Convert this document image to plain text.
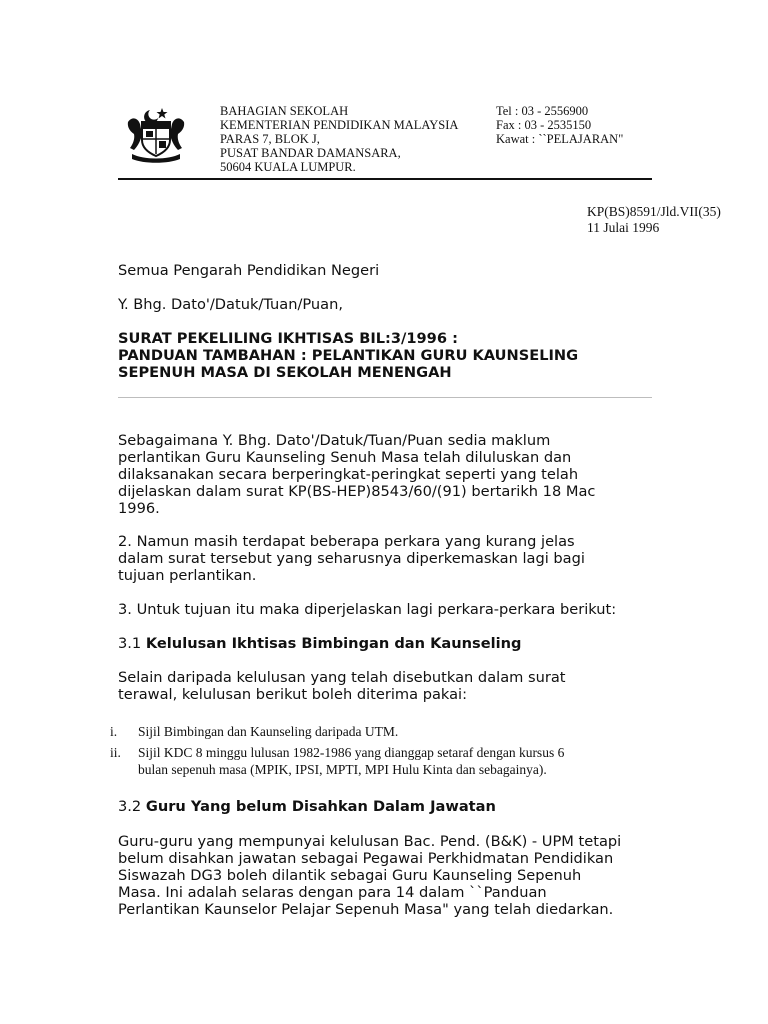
BAHAGIAN SEKOLAH
KEMENTERIAN PENDIDIKAN MALAYSIA
PARAS 7, BLOK J,
PUSAT BANDAR DAMANSARA,
50604 KUALA LUMPUR.
Tel : 03 - 2556900
Fax : 03 - 2535150
Kawat : ``PELAJARAN"
KP(BS)8591/Jld.VII(35)
11 Julai 1996
Semua Pengarah Pendidikan Negeri
Y. Bhg. Dato'/Datuk/Tuan/Puan,
SURAT PEKELILING IKHTISAS BIL:3/1996 :
PANDUAN TAMBAHAN : PELANTIKAN GURU KAUNSELING
SEPENUH MASA DI SEKOLAH MENENGAH
Sebagaimana Y. Bhg. Dato'/Datuk/Tuan/Puan sedia maklum
perlantikan Guru Kaunseling Senuh Masa telah diluluskan dan
dilaksanakan secara berperingkat-peringkat seperti yang telah
dijelaskan dalam surat KP(BS-HEP)8543/60/(91) bertarikh 18 Mac
1996.
2. Namun masih terdapat beberapa perkara yang kurang jelas
dalam surat tersebut yang seharusnya diperkemaskan lagi bagi
tujuan perlantikan.
3. Untuk tujuan itu maka diperjelaskan lagi perkara-perkara berikut:
3.1 Kelulusan Ikhtisas Bimbingan dan Kaunseling
Selain daripada kelulusan yang telah disebutkan dalam surat
terawal, kelulusan berikut boleh diterima pakai:
i. Sijil Bimbingan dan Kaunseling daripada UTM.
ii. Sijil KDC 8 minggu lulusan 1982-1986 yang dianggap setaraf dengan kursus 6
bulan sepenuh masa (MPIK, IPSI, MPTI, MPI Hulu Kinta dan sebagainya).
3.2 Guru Yang belum Disahkan Dalam Jawatan
Guru-guru yang mempunyai kelulusan Bac. Pend. (B&K) - UPM tetapi
belum disahkan jawatan sebagai Pegawai Perkhidmatan Pendidikan
Siswazah DG3 boleh dilantik sebagai Guru Kaunseling Sepenuh
Masa. Ini adalah selaras dengan para 14 dalam ``Panduan
Perlantikan Kaunselor Pelajar Sepenuh Masa" yang telah diedarkan.
